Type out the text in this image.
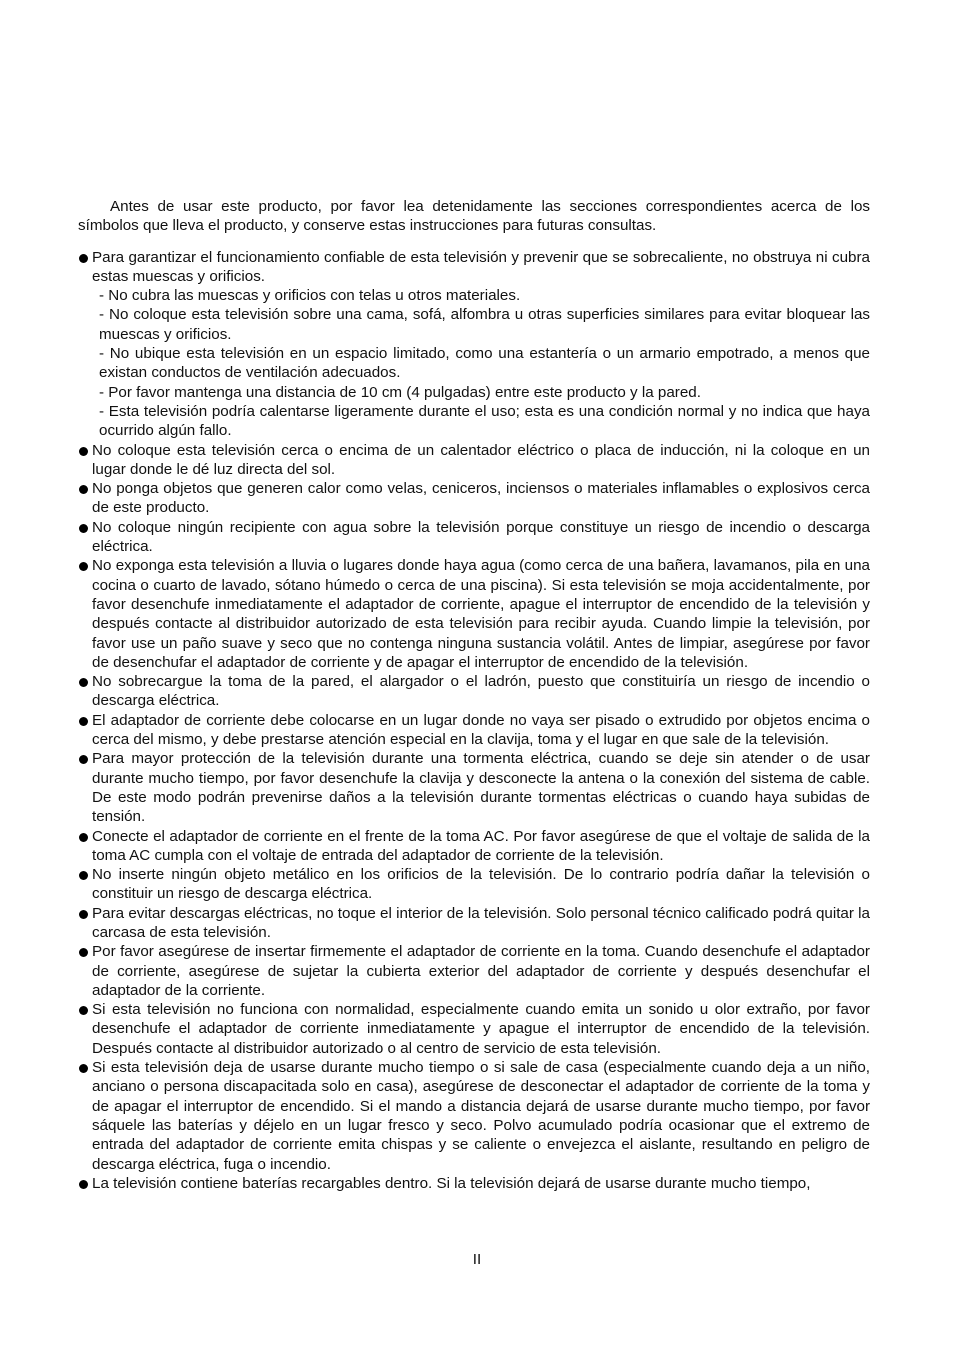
Antes de usar este producto, por favor lea detenidamente las secciones correspondientes acerca de los símbolos que lleva el producto, y conserve estas instrucciones para futuras consultas.

Para garantizar el funcionamiento confiable de esta televisión y prevenir que se sobrecaliente, no obstruya ni cubra estas muescas y orificios.

- No cubra las muescas y orificios con telas u otros materiales.

- No coloque esta televisión sobre una cama, sofá, alfombra u otras superficies similares para evitar bloquear las muescas y orificios.

- No ubique esta televisión en un espacio limitado, como una estantería o un armario empotrado, a menos que existan conductos de ventilación adecuados.

- Por favor mantenga una distancia de 10 cm (4 pulgadas) entre este producto y la pared.

- Esta televisión podría calentarse ligeramente durante el uso; esta es una condición normal y no indica que haya ocurrido algún fallo.

No coloque esta televisión cerca o encima de un calentador eléctrico o placa de inducción, ni la coloque en un lugar donde le dé luz directa del sol.
No ponga objetos que generen calor como velas, ceniceros, inciensos o materiales inflamables o explosivos cerca de este producto.
No coloque ningún recipiente con agua sobre la televisión porque constituye un riesgo de incendio o descarga eléctrica.
No exponga esta televisión a lluvia o lugares donde haya agua (como cerca de una bañera, lavamanos, pila en una cocina o cuarto de lavado, sótano húmedo o cerca de una piscina). Si esta televisión se moja accidentalmente, por favor desenchufe inmediatamente el adaptador de corriente, apague el interruptor de encendido de la televisión y después contacte al distribuidor autorizado de esta televisión para recibir ayuda. Cuando limpie la televisión, por favor use un paño suave y seco que no contenga ninguna sustancia volátil. Antes de limpiar, asegúrese por favor de desenchufar el adaptador de corriente y de apagar el interruptor de encendido de la televisión.
No sobrecargue la toma de la pared, el alargador o el ladrón, puesto que constituiría un riesgo de incendio o descarga eléctrica.
El adaptador de corriente debe colocarse en un lugar donde no vaya ser pisado o extrudido por objetos encima o cerca del mismo, y debe prestarse atención especial en la clavija, toma y el lugar en que sale de la televisión.
Para mayor protección de la televisión durante una tormenta eléctrica, cuando se deje sin atender o de usar durante mucho tiempo, por favor desenchufe la clavija y desconecte la antena o la conexión del sistema de cable. De este modo podrán prevenirse daños a la televisión durante tormentas eléctricas o cuando haya subidas de tensión.
Conecte el adaptador de corriente en el frente de la toma AC. Por favor asegúrese de que el voltaje de salida de la toma AC cumpla con el voltaje de entrada del adaptador de corriente de la televisión.
No inserte ningún objeto metálico en los orificios de la televisión. De lo contrario podría dañar la televisión o constituir un riesgo de descarga eléctrica.
Para evitar descargas eléctricas, no toque el interior de la televisión. Solo personal técnico calificado podrá quitar la carcasa de esta televisión.
Por favor asegúrese de insertar firmemente el adaptador de corriente en la toma. Cuando desenchufe el adaptador de corriente, asegúrese de sujetar la cubierta exterior del adaptador de corriente y después desenchufar el adaptador de la corriente.
Si esta televisión no funciona con normalidad, especialmente cuando emita un sonido u olor extraño, por favor desenchufe el adaptador de corriente inmediatamente y apague el interruptor de encendido de la televisión. Después contacte al distribuidor autorizado o al centro de servicio de esta televisión.
Si esta televisión deja de usarse durante mucho tiempo o si sale de casa (especialmente cuando deja a un niño, anciano o persona discapacitada solo en casa), asegúrese de desconectar el adaptador de corriente de la toma y de apagar el interruptor de encendido. Si el mando a distancia dejará de usarse durante mucho tiempo, por favor sáquele las baterías y déjelo en un lugar fresco y seco. Polvo acumulado podría ocasionar que el extremo de entrada del adaptador de corriente emita chispas y se caliente o envejezca el aislante, resultando en peligro de descarga eléctrica, fuga o incendio.
La televisión contiene baterías recargables dentro. Si la televisión dejará de usarse durante mucho tiempo,
II
